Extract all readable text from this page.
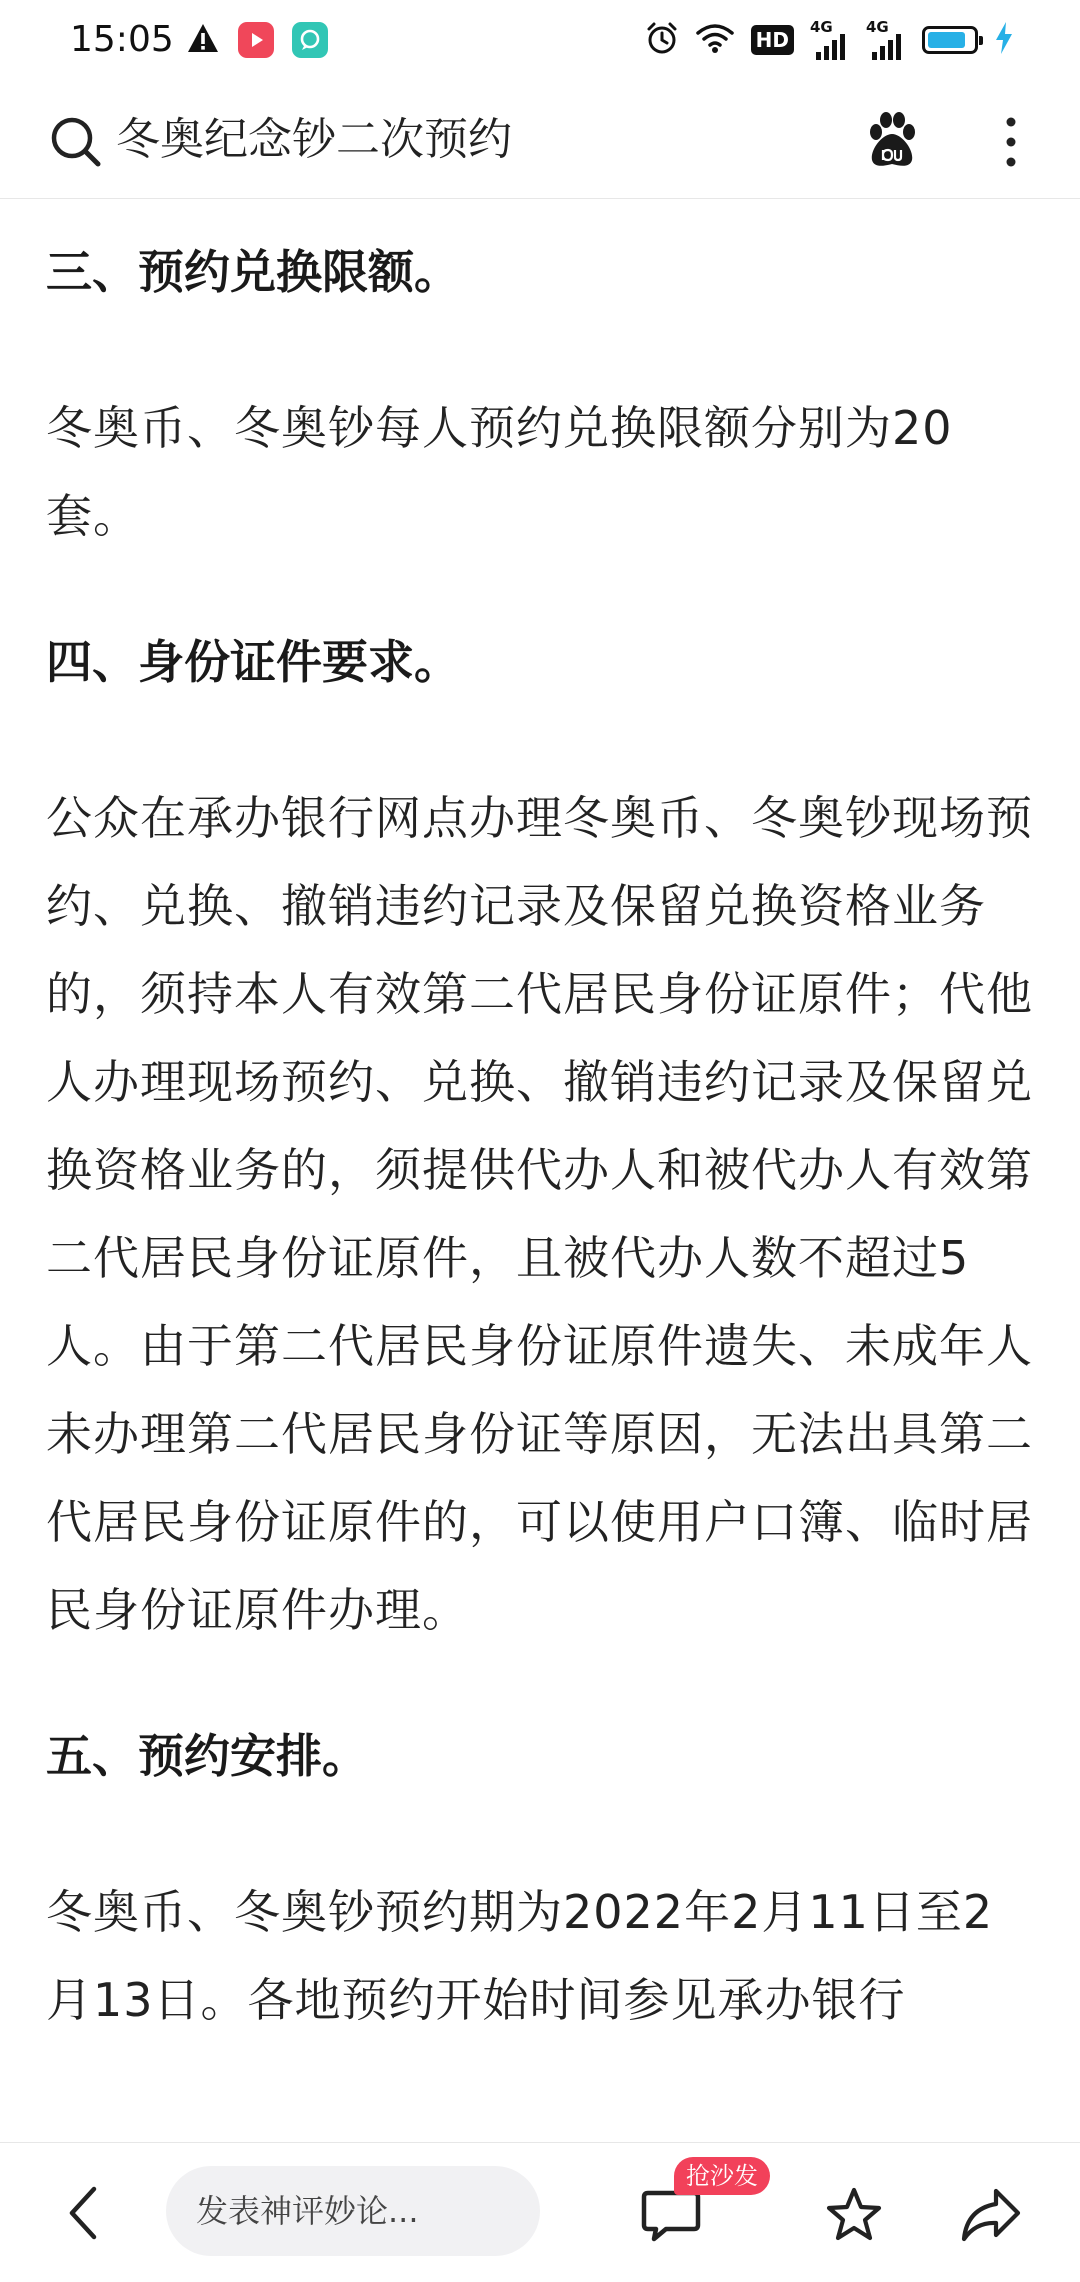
15:05	HD
4G 4G
冬奥纪念钞二次预约

三、预约兑换限额。

冬奥币、冬奥钞每人预约兑换限额分别为20套。

四、身份证件要求。

公众在承办银行网点办理冬奥币、冬奥钞现场预约、兑换、撤销违约记录及保留兑换资格业务的，须持本人有效第二代居民身份证原件；代他人办理现场预约、兑换、撤销违约记录及保留兑换资格业务的，须提供代办人和被代办人有效第二代居民身份证原件，且被代办人数不超过5人。由于第二代居民身份证原件遗失、未成年人未办理第二代居民身份证等原因，无法出具第二代居民身份证原件的，可以使用户口簿、临时居民身份证原件办理。

五、预约安排。

冬奥币、冬奥钞预约期为2022年2月11日至2月13日。各地预约开始时间参见承办银行

发表神评妙论...
抢沙发
